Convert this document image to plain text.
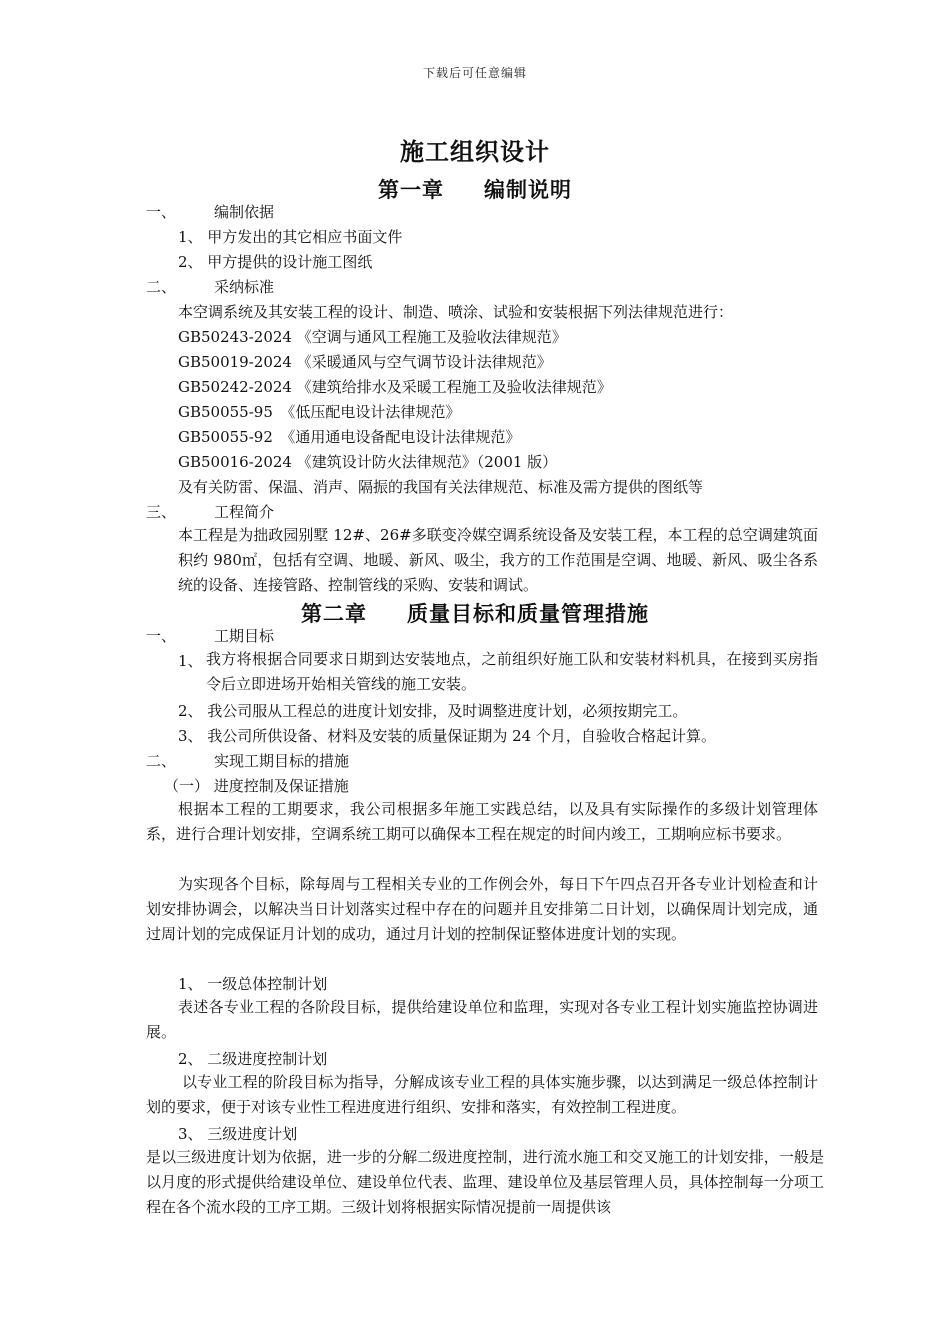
下载后可任意编辑
施工组织设计
第一章 编制说明
一、	编制依据
1、 甲方发出的其它相应书面文件
2、 甲方提供的设计施工图纸
二、	采纳标准
本空调系统及其安装工程的设计、制造、喷涂、试验和安装根据下列法律规范进行：
GB50243-2024 《空调与通风工程施工及验收法律规范》
GB50019-2024 《采暖通风与空气调节设计法律规范》
GB50242-2024 《建筑给排水及采暖工程施工及验收法律规范》
GB50055-95　《低压配电设计法律规范》
GB50055-92　《通用通电设备配电设计法律规范》
GB50016-2024 《建筑设计防火法律规范》（2001 版）
及有关防雷、保温、消声、隔振的我国有关法律规范、标准及需方提供的图纸等
三、	工程简介
本工程是为拙政园别墅 12#、26#多联变冷媒空调系统设备及安装工程，本工程的总空调建筑面积约 980㎡，包括有空调、地暖、新风、吸尘，我方的工作范围是空调、地暖、新风、吸尘各系统的设备、连接管路、控制管线的采购、安装和调试。
第二章 质量目标和质量管理措施
一、	工期目标
1、 我方将根据合同要求日期到达安装地点，之前组织好施工队和安装材料机具，在接到买房指令后立即进场开始相关管线的施工安装。
2、 我公司服从工程总的进度计划安排，及时调整进度计划，必须按期完工。
3、 我公司所供设备、材料及安装的质量保证期为 24 个月，自验收合格起计算。
二、	实现工期目标的措施
（一） 进度控制及保证措施
根据本工程的工期要求，我公司根据多年施工实践总结，以及具有实际操作的多级计划管理体系，进行合理计划安排，空调系统工期可以确保本工程在规定的时间内竣工，工期响应标书要求。
为实现各个目标，除每周与工程相关专业的工作例会外，每日下午四点召开各专业计划检查和计划安排协调会，以解决当日计划落实过程中存在的问题并且安排第二日计划，以确保周计划完成，通过周计划的完成保证月计划的成功，通过月计划的控制保证整体进度计划的实现。
1、 一级总体控制计划
表述各专业工程的各阶段目标，提供给建设单位和监理，实现对各专业工程计划实施监控协调进展。
2、 二级进度控制计划
以专业工程的阶段目标为指导，分解成该专业工程的具体实施步骤，以达到满足一级总体控制计划的要求，便于对该专业性工程进度进行组织、安排和落实，有效控制工程进度。
3、 三级进度计划
是以三级进度计划为依据，进一步的分解二级进度控制，进行流水施工和交叉施工的计划安排，一般是以月度的形式提供给建设单位、建设单位代表、监理、建设单位及基层管理人员，具体控制每一分项工程在各个流水段的工序工期。三级计划将根据实际情况提前一周提供该
